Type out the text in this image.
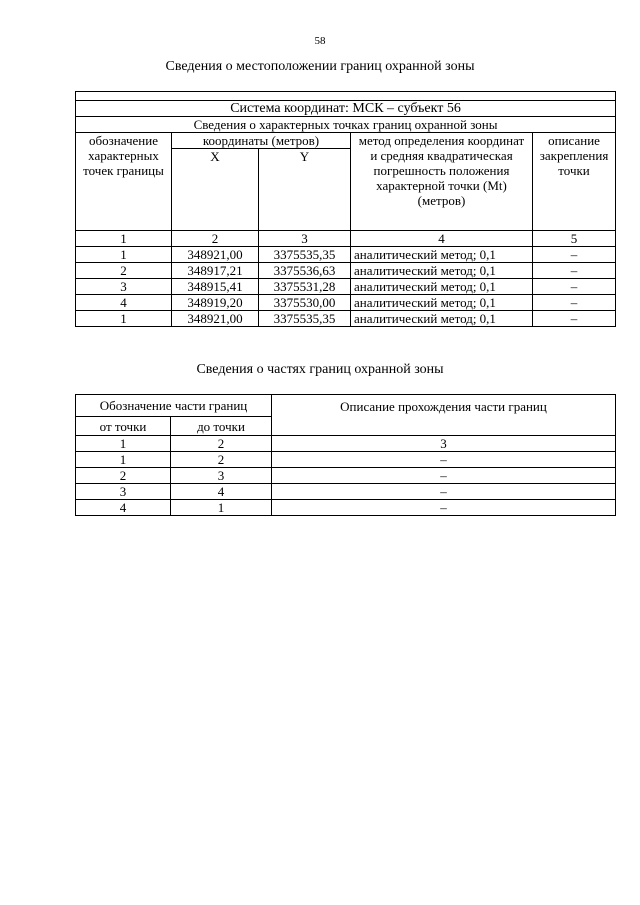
58
Сведения о местоположении границ охранной зоны

Система координат: МСК – субъект 56				
Сведения о характерных точках границ охранной зоны				
обозначение характерных точек границы	координаты (метров)		метод определения координат и средняя квадратическая погрешность положения характерной точки (Mt) (метров)	описание закрепления точки
	X	Y		
1	2	3	4	5
1	348921,00	3375535,35	аналитический метод; 0,1	–
2	348917,21	3375536,63	аналитический метод; 0,1	–
3	348915,41	3375531,28	аналитический метод; 0,1	–
4	348919,20	3375530,00	аналитический метод; 0,1	–
1	348921,00	3375535,35	аналитический метод; 0,1	–
Сведения о частях границ охранной зоны
Обозначение части границ		Описание прохождения части границ
от точки	до точки	
1	2	3
1	2	–
2	3	–
3	4	–
4	1	–
